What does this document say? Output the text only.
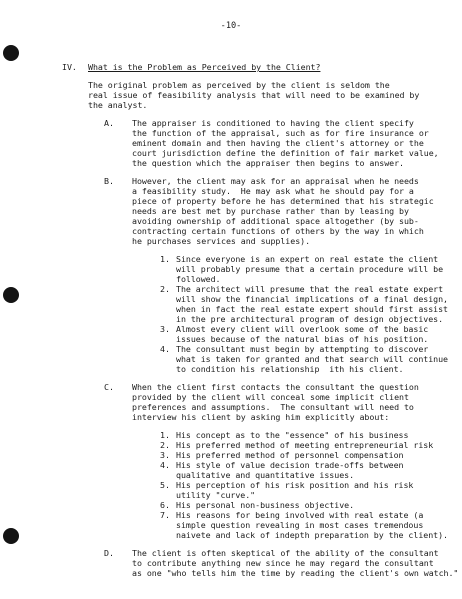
-10-
IV. What is the Problem as Perceived by the Client?
The original problem as perceived by the client is seldom the
real issue of feasibility analysis that will need to be examined by
the analyst.
A. The appraiser is conditioned to having the client specify
the function of the appraisal, such as for fire insurance or
eminent domain and then having the client's attorney or the
court jurisdiction define the definition of fair market value,
the question which the appraiser then begins to answer.
B. However, the client may ask for an appraisal when he needs
a feasibility study.  He may ask what he should pay for a
piece of property before he has determined that his strategic
needs are best met by purchase rather than by leasing by
avoiding ownership of additional space altogether (by sub-
contracting certain functions of others by the way in which
he purchases services and supplies).
1. Since everyone is an expert on real estate the client
will probably presume that a certain procedure will be
followed.
2. The architect will presume that the real estate expert
will show the financial implications of a final design,
when in fact the real estate expert should first assist
in the pre architectural program of design objectives.
3. Almost every client will overlook some of the basic
issues because of the natural bias of his position.
4. The consultant must begin by attempting to discover
what is taken for granted and that search will continue
to condition his relationship  ith his client.
C. When the client first contacts the consultant the question
provided by the client will conceal some implicit client
preferences and assumptions.  The consultant will need to
interview his client by asking him explicitly about:
1. His concept as to the "essence" of his business
2. His preferred method of meeting entrepreneurial risk
3. His preferred method of personnel compensation
4. His style of value decision trade-offs between
qualitative and quantitative issues.
5. His perception of his risk position and his risk
utility "curve."
6. His personal non-business objective.
7. His reasons for being involved with real estate (a
simple question revealing in most cases tremendous
naivete and lack of indepth preparation by the client).
D. The client is often skeptical of the ability of the consultant
to contribute anything new since he may regard the consultant
as one "who tells him the time by reading the client's own watch."
